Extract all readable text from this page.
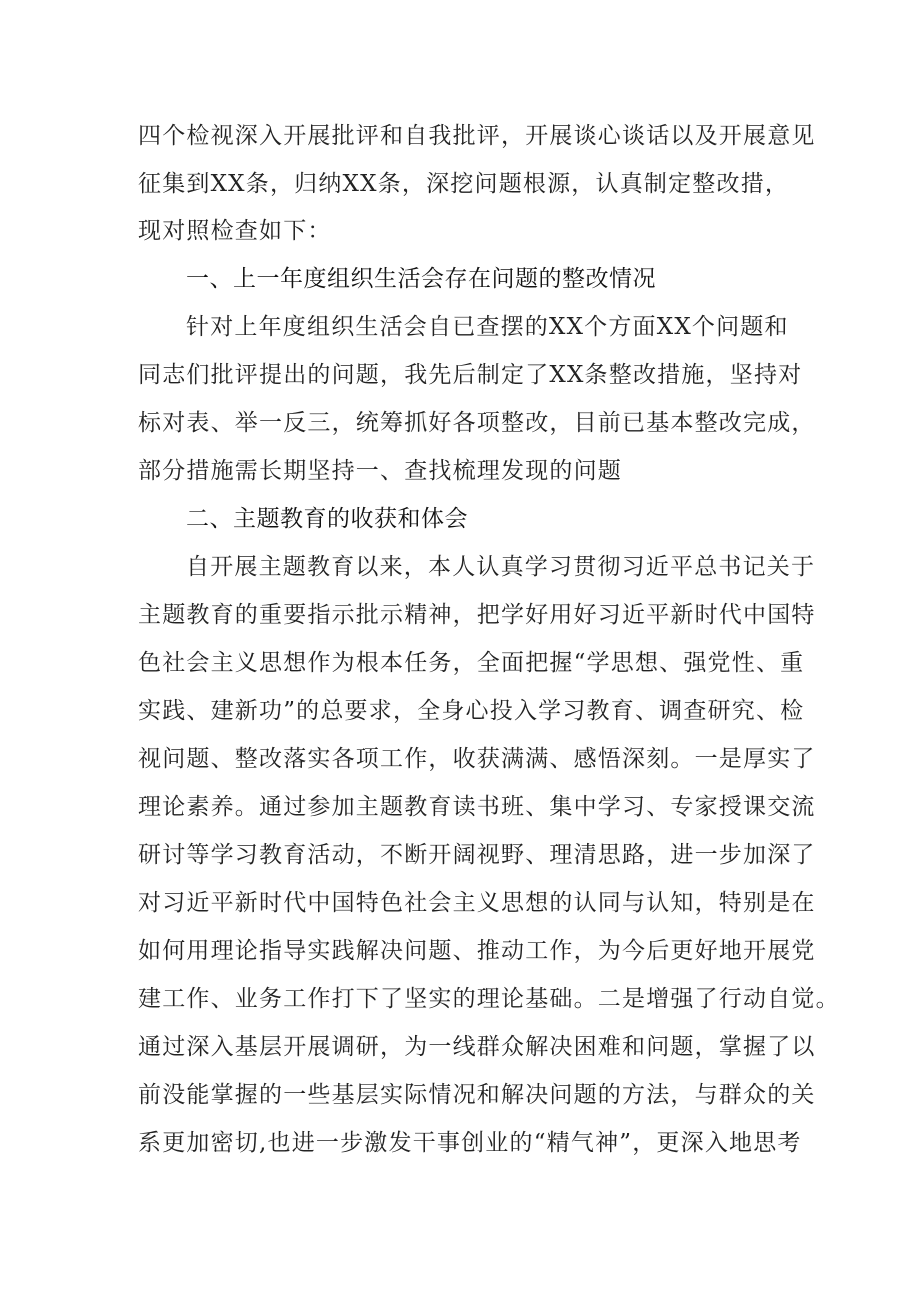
四个检视深入开展批评和自我批评，开展谈心谈话以及开展意见
征集到XX条，归纳XX条，深挖问题根源，认真制定整改措，
现对照检查如下：
一、上一年度组织生活会存在问题的整改情况
针对上年度组织生活会自已查摆的XX个方面XX个问题和
同志们批评提出的问题，我先后制定了XX条整改措施，坚持对
标对表、举一反三，统筹抓好各项整改，目前已基本整改完成，
部分措施需长期坚持一、查找梳理发现的问题
二、主题教育的收获和体会
自开展主题教育以来，本人认真学习贯彻习近平总书记关于
主题教育的重要指示批示精神，把学好用好习近平新时代中国特
色社会主义思想作为根本任务，全面把握“学思想、强党性、重
实践、建新功”的总要求，全身心投入学习教育、调查研究、检
视问题、整改落实各项工作，收获满满、感悟深刻。一是厚实了
理论素养。通过参加主题教育读书班、集中学习、专家授课交流
研讨等学习教育活动，不断开阔视野、理清思路，进一步加深了
对习近平新时代中国特色社会主义思想的认同与认知，特别是在
如何用理论指导实践解决问题、推动工作，为今后更好地开展党
建工作、业务工作打下了坚实的理论基础。二是增强了行动自觉。
通过深入基层开展调研，为一线群众解决困难和问题，掌握了以
前没能掌握的一些基层实际情况和解决问题的方法，与群众的关
系更加密切,也进一步激发干事创业的“精气神”，更深入地思考
